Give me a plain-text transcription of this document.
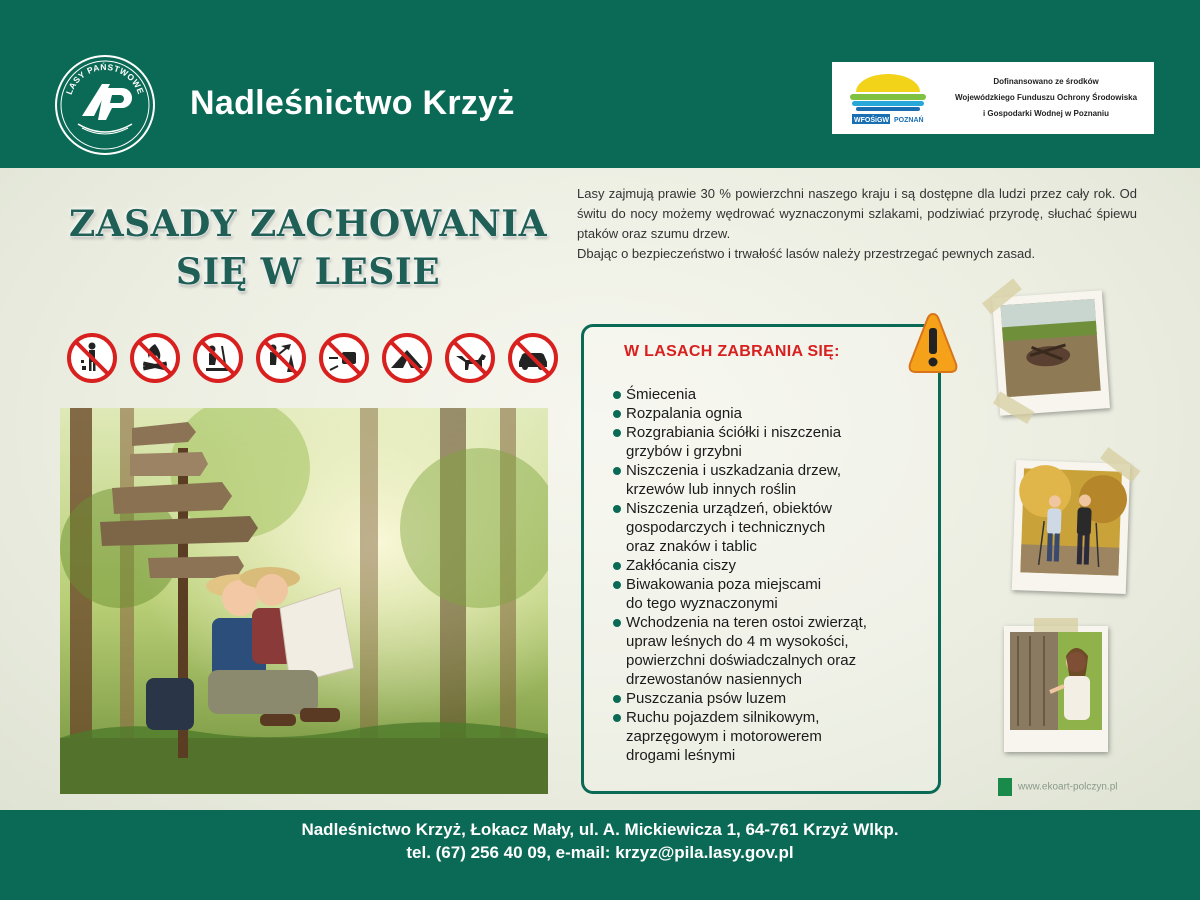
LASY PAŃSTWOWE Nadleśnictwo Krzyż	WFOŚiGW POZNAŃ
Dofinansowano ze środków
Wojewódzkiego Funduszu Ochrony Środowiska
i Gospodarki Wodnej w Poznaniu
ZASADY ZACHOWANIA
SIĘ W LESIE

Lasy zajmują prawie 30 % powierzchni naszego kraju i są dostępne dla ludzi przez cały rok. Od świtu do nocy możemy wędrować wyznaczonymi szlakami, podziwiać przyrodę, słuchać śpiewu ptaków oraz szumu drzew.

Dbając o bezpieczeństwo i trwałość lasów należy przestrzegać pewnych zasad.

W LASACH ZABRANIA SIĘ:
Śmiecenia
Rozpalania ognia
Rozgrabiania ściółki i niszczenia
grzybów i grzybni
Niszczenia i uszkadzania drzew,
krzewów lub innych roślin
Niszczenia urządzeń, obiektów
gospodarczych i technicznych
oraz znaków i tablic
Zakłócania ciszy
Biwakowania poza miejscami
do tego wyznaczonymi
Wchodzenia na teren ostoi zwierząt,
upraw leśnych do 4 m wysokości,
powierzchni doświadczalnych oraz
drzewostanów nasiennych
Puszczania psów luzem
Ruchu pojazdem silnikowym,
zaprzęgowym i motorowerem
drogami leśnymi
www.ekoart-polczyn.pl
Nadleśnictwo Krzyż, Łokacz Mały, ul. A. Mickiewicza 1, 64-761 Krzyż Wlkp.
tel. (67) 256 40 09, e-mail: krzyz@pila.lasy.gov.pl
